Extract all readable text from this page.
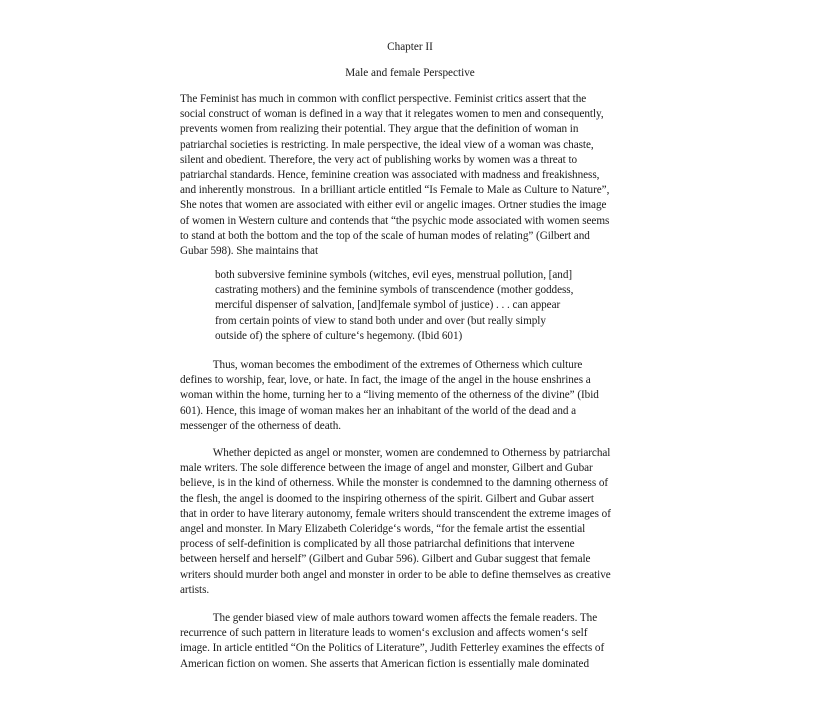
Chapter II
Male and female Perspective
The Feminist has much in common with conflict perspective. Feminist critics assert that the
social construct of woman is defined in a way that it relegates women to men and consequently,
prevents women from realizing their potential. They argue that the definition of woman in
patriarchal societies is restricting. In male perspective, the ideal view of a woman was chaste,
silent and obedient. Therefore, the very act of publishing works by women was a threat to
patriarchal standards. Hence, feminine creation was associated with madness and freakishness,
and inherently monstrous.  In a brilliant article entitled “Is Female to Male as Culture to Nature”,
She notes that women are associated with either evil or angelic images. Ortner studies the image
of women in Western culture and contends that “the psychic mode associated with women seems
to stand at both the bottom and the top of the scale of human modes of relating” (Gilbert and
Gubar 598). She maintains that
both subversive feminine symbols (witches, evil eyes, menstrual pollution, [and]
castrating mothers) and the feminine symbols of transcendence (mother goddess,
merciful dispenser of salvation, [and]female symbol of justice) . . . can appear
from certain points of view to stand both under and over (but really simply
outside of) the sphere of culture‘s hegemony. (Ibid 601)
Thus, woman becomes the embodiment of the extremes of Otherness which culture
defines to worship, fear, love, or hate. In fact, the image of the angel in the house enshrines a
woman within the home, turning her to a “living memento of the otherness of the divine” (Ibid
601). Hence, this image of woman makes her an inhabitant of the world of the dead and a
messenger of the otherness of death.
Whether depicted as angel or monster, women are condemned to Otherness by patriarchal
male writers. The sole difference between the image of angel and monster, Gilbert and Gubar
believe, is in the kind of otherness. While the monster is condemned to the damning otherness of
the flesh, the angel is doomed to the inspiring otherness of the spirit. Gilbert and Gubar assert
that in order to have literary autonomy, female writers should transcendent the extreme images of
angel and monster. In Mary Elizabeth Coleridge‘s words, “for the female artist the essential
process of self-definition is complicated by all those patriarchal definitions that intervene
between herself and herself” (Gilbert and Gubar 596). Gilbert and Gubar suggest that female
writers should murder both angel and monster in order to be able to define themselves as creative
artists.
The gender biased view of male authors toward women affects the female readers. The
recurrence of such pattern in literature leads to women‘s exclusion and affects women‘s self
image. In article entitled “On the Politics of Literature”, Judith Fetterley examines the effects of
American fiction on women. She asserts that American fiction is essentially male dominated
